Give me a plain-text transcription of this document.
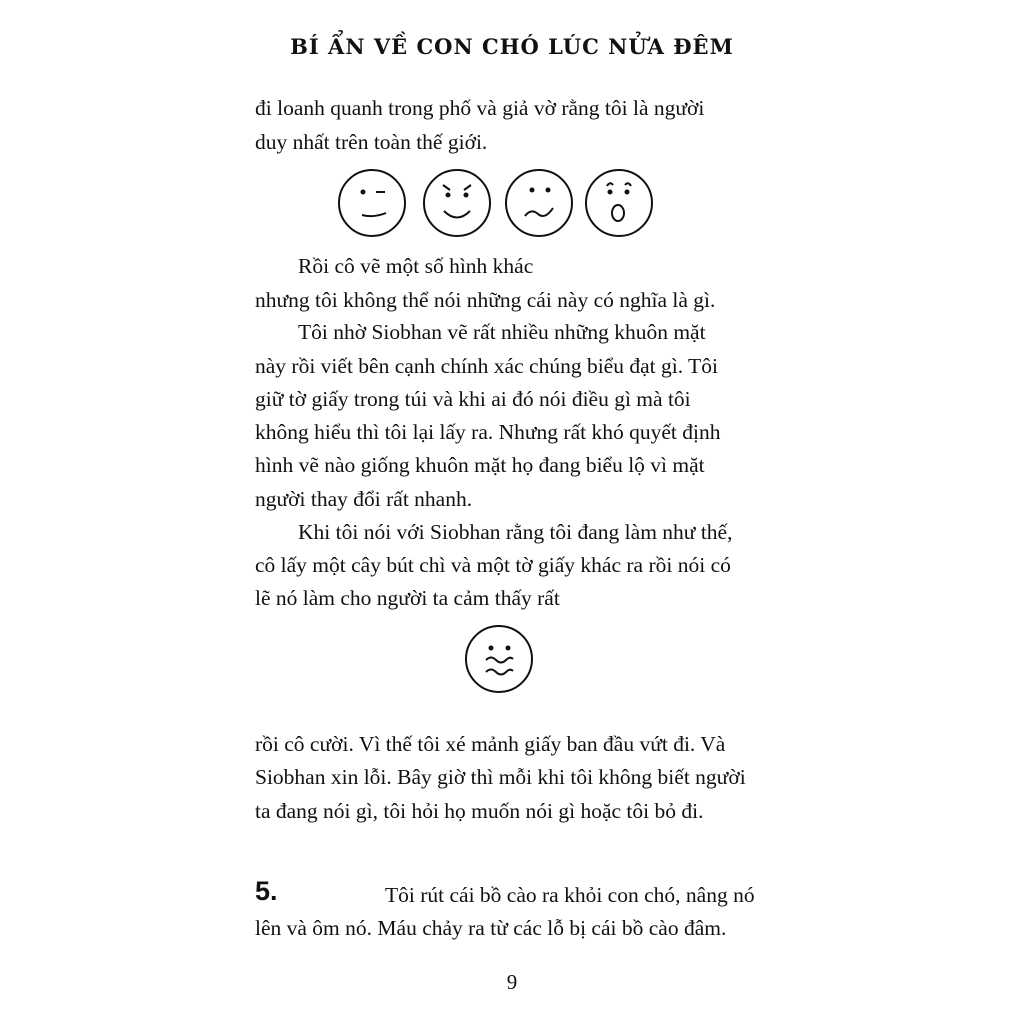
BÍ ẨN VỀ CON CHÓ LÚC NỬA ĐÊM
đi loanh quanh trong phố và giả vờ rằng tôi là người
duy nhất trên toàn thế giới.
Rồi cô vẽ một số hình khác
nhưng tôi không thể nói những cái này có nghĩa là gì.
Tôi nhờ Siobhan vẽ rất nhiều những khuôn mặt
này rồi viết bên cạnh chính xác chúng biểu đạt gì. Tôi
giữ tờ giấy trong túi và khi ai đó nói điều gì mà tôi
không hiểu thì tôi lại lấy ra. Nhưng rất khó quyết định
hình vẽ nào giống khuôn mặt họ đang biểu lộ vì mặt
người thay đổi rất nhanh.
Khi tôi nói với Siobhan rằng tôi đang làm như thế,
cô lấy một cây bút chì và một tờ giấy khác ra rồi nói có
lẽ nó làm cho người ta cảm thấy rất
rồi cô cười. Vì thế tôi xé mảnh giấy ban đầu vứt đi. Và
Siobhan xin lỗi. Bây giờ thì mỗi khi tôi không biết người
ta đang nói gì, tôi hỏi họ muốn nói gì hoặc tôi bỏ đi.
5.	Tôi rút cái bồ cào ra khỏi con chó, nâng nó
lên và ôm nó. Máu chảy ra từ các lỗ bị cái bồ cào đâm.
9
